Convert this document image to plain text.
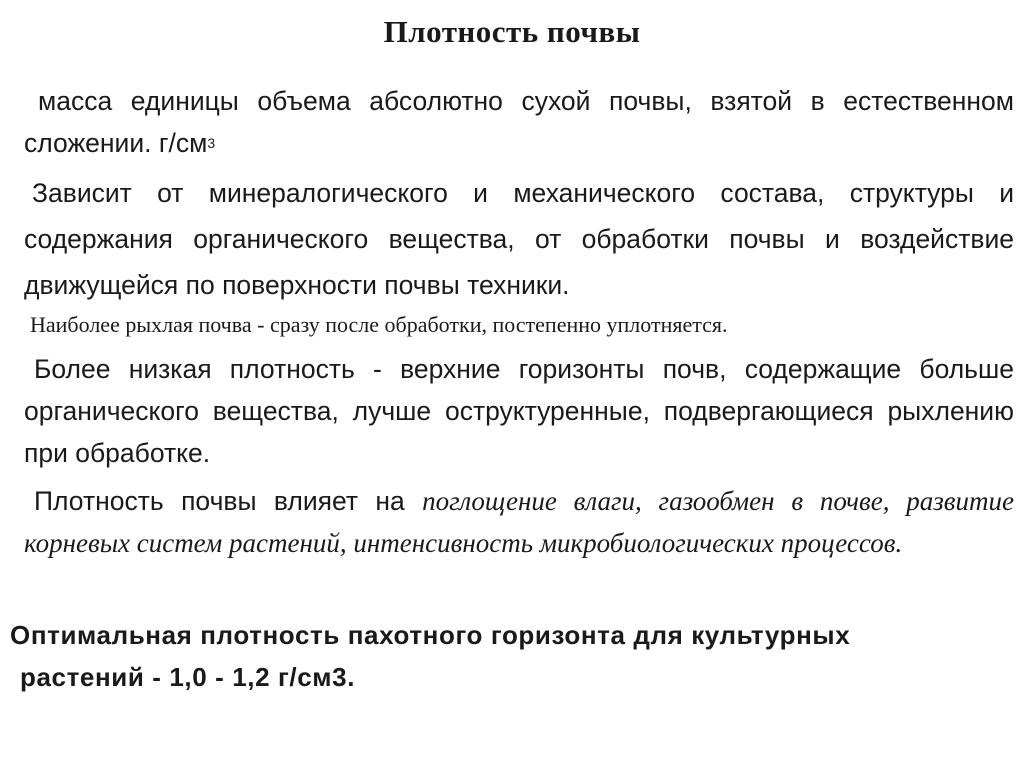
Плотность почвы

масса единицы объема абсолютно сухой почвы, взятой в естественном сложении. г/см3

Зависит от минералогического и механического состава, структуры и содержания органического вещества, от обработки почвы и воздействие движущейся по поверхности почвы техники.

Наиболее рыхлая почва - сразу после обработки, постепенно уплотняется.

Более низкая плотность - верхние горизонты почв, содержащие больше органического вещества, лучше оструктуренные, подвергающиеся рыхлению при обработке.

Плотность почвы влияет на поглощение влаги, газообмен в почве, развитие корневых систем растений, интенсивность микробиологических процессов.

Оптимальная плотность пахотного горизонта для культурных
растений - 1,0 - 1,2 г/см3.
